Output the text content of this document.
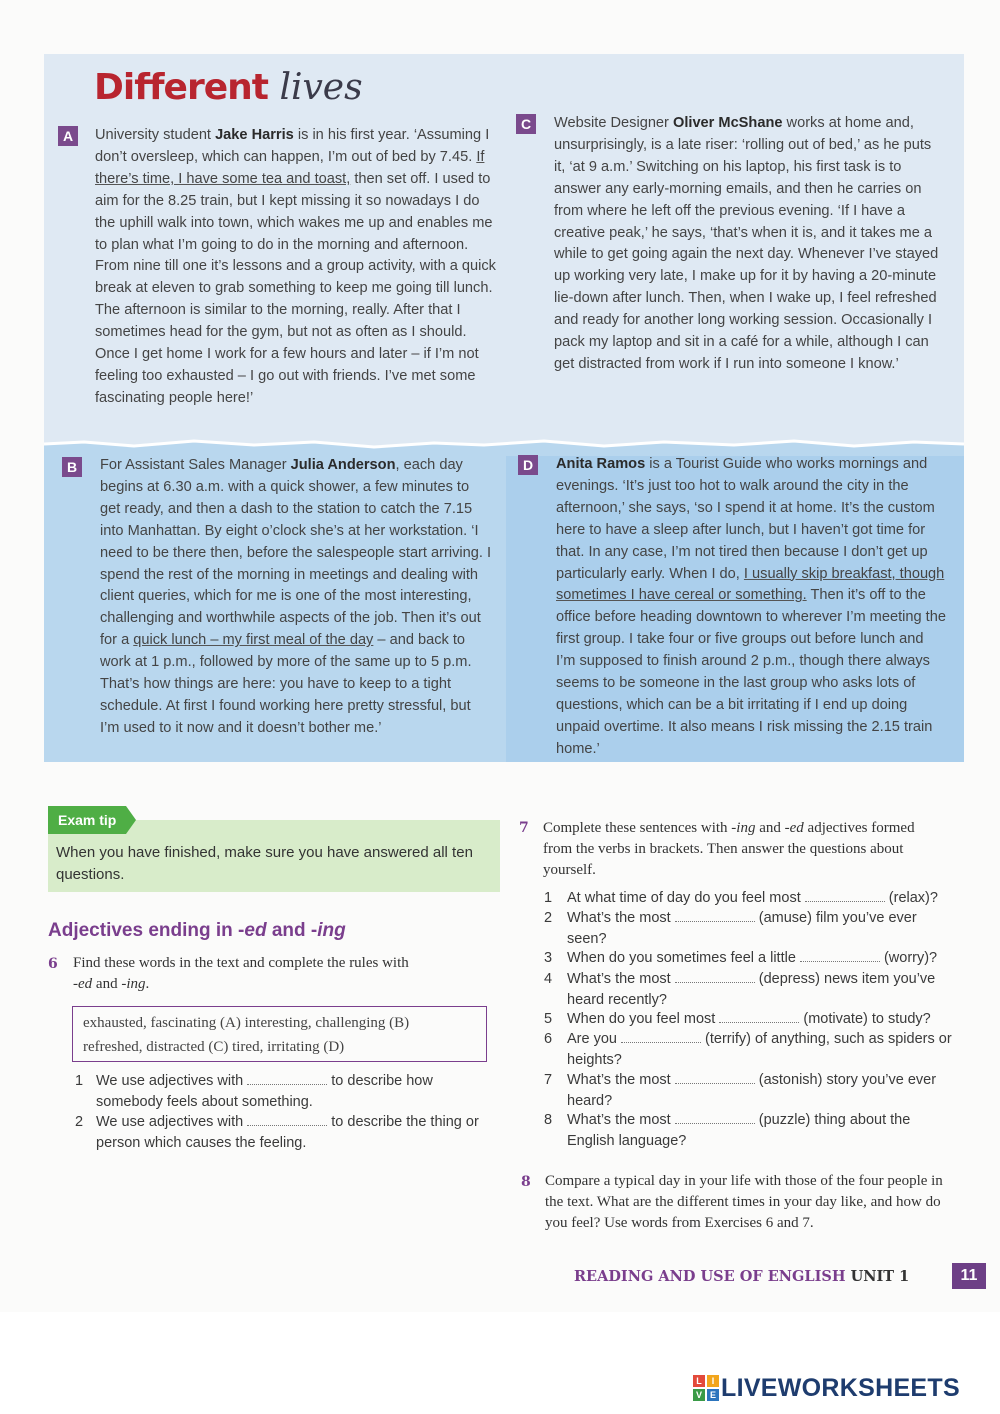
Different lives
A	University student Jake Harris is in his first year. ‘Assuming I don’t oversleep, which can happen, I’m out of bed by 7.45. If there’s time, I have some tea and toast, then set off. I used to aim for the 8.25 train, but I kept missing it so nowadays I do the uphill walk into town, which wakes me up and enables me to plan what I’m going to do in the morning and afternoon. From nine till one it’s lessons and a group activity, with a quick break at eleven to grab something to keep me going till lunch. The afternoon is similar to the morning, really. After that I sometimes head for the gym, but not as often as I should. Once I get home I work for a few hours and later – if I’m not feeling too exhausted – I go out with friends. I’ve met some fascinating people here!’
C	Website Designer Oliver McShane works at home and, unsurprisingly, is a late riser: ‘rolling out of bed,’ as he puts it, ‘at 9 a.m.’ Switching on his laptop, his first task is to answer any early-morning emails, and then he carries on from where he left off the previous evening. ‘If I have a creative peak,’ he says, ‘that’s when it is, and it takes me a while to get going again the next day. Whenever I’ve stayed up working very late, I make up for it by having a 20-minute lie-down after lunch. Then, when I wake up, I feel refreshed and ready for another long working session. Occasionally I pack my laptop and sit in a café for a while, although I can get distracted from work if I run into someone I know.’
B	For Assistant Sales Manager Julia Anderson, each day begins at 6.30 a.m. with a quick shower, a few minutes to get ready, and then a dash to the station to catch the 7.15 into Manhattan. By eight o’clock she’s at her workstation. ‘I need to be there then, before the salespeople start arriving. I spend the rest of the morning in meetings and dealing with client queries, which for me is one of the most interesting, challenging and worthwhile aspects of the job. Then it’s out for a quick lunch – my first meal of the day – and back to work at 1 p.m., followed by more of the same up to 5 p.m. That’s how things are here: you have to keep to a tight schedule. At first I found working here pretty stressful, but I’m used to it now and it doesn’t bother me.’
D	Anita Ramos is a Tourist Guide who works mornings and evenings. ‘It’s just too hot to walk around the city in the afternoon,’ she says, ‘so I spend it at home. It’s the custom here to have a sleep after lunch, but I haven’t got time for that. In any case, I’m not tired then because I don’t get up particularly early. When I do, I usually skip breakfast, though sometimes I have cereal or something. Then it’s off to the office before heading downtown to wherever I’m meeting the first group. I take four or five groups out before lunch and I’m supposed to finish around 2 p.m., though there always seems to be someone in the last group who asks lots of questions, which can be a bit irritating if I end up doing unpaid overtime. It also means I risk missing the 2.15 train home.’
Exam tip
When you have finished, make sure you have answered all ten questions.
Adjectives ending in -ed and -ing
6 Find these words in the text and complete the rules with
-ed and -ing.
exhausted, fascinating (A) interesting, challenging (B)
refreshed, distracted (C) tired, irritating (D)
1 We use adjectives with	to describe how somebody feels about something.
2 We use adjectives with	to describe the thing or person which causes the feeling.
7 Complete these sentences with -ing and -ed adjectives formed from the verbs in brackets. Then answer the questions about yourself.
1	At what time of day do you feel most	(relax)?
2	What’s the most	(amuse) film you’ve ever seen?
3	When do you sometimes feel a little	(worry)?
4	What’s the most	(depress) news item you’ve heard recently?
5	When do you feel most	(motivate) to study?
6	Are you	(terrify) of anything, such as spiders or heights?
7	What’s the most	(astonish) story you’ve ever heard?
8	What’s the most	(puzzle) thing about the English language?
8 Compare a typical day in your life with those of the four people in the text. What are the different times in your day like, and how do you feel? Use words from Exercises 6 and 7.
READING AND USE OF ENGLISH UNIT 1	11
L	I
V E LIVEWORKSHEETS
